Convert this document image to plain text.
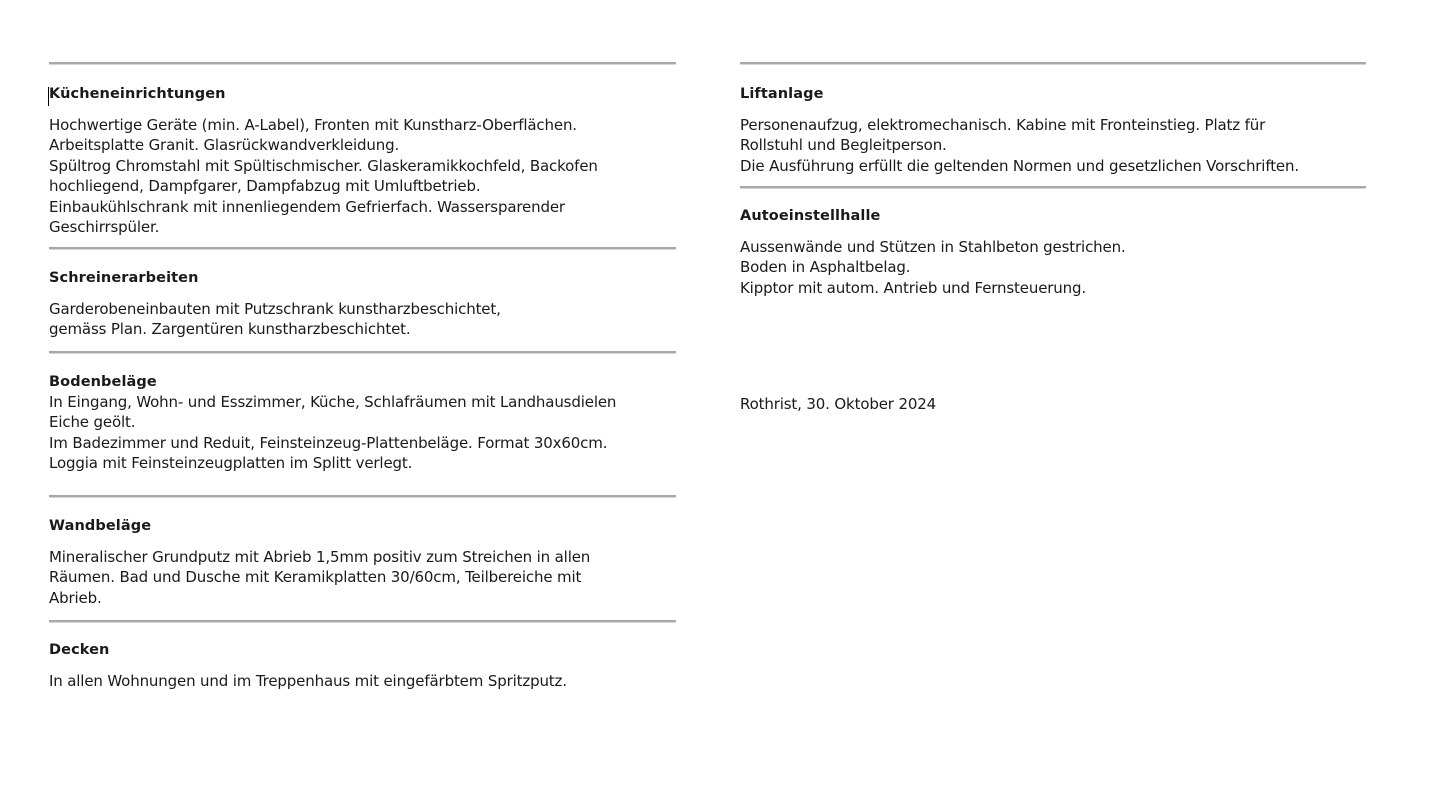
Kücheneinrichtungen
Hochwertige Geräte (min. A-Label), Fronten mit Kunstharz-Oberflächen.
Arbeitsplatte Granit. Glasrückwandverkleidung.
Spültrog Chromstahl mit Spültischmischer. Glaskeramikkochfeld, Backofen
hochliegend, Dampfgarer, Dampfabzug mit Umluftbetrieb.
Einbaukühlschrank mit innenliegendem Gefrierfach. Wassersparender
Geschirrspüler.
Schreinerarbeiten
Garderobeneinbauten mit Putzschrank kunstharzbeschichtet,
gemäss Plan. Zargentüren kunstharzbeschichtet.
Bodenbeläge
In Eingang, Wohn- und Esszimmer, Küche, Schlafräumen mit Landhausdielen
Eiche geölt.
Im Badezimmer und Reduit, Feinsteinzeug-Plattenbeläge. Format 30x60cm.
Loggia mit Feinsteinzeugplatten im Splitt verlegt.
Wandbeläge
Mineralischer Grundputz mit Abrieb 1,5mm positiv zum Streichen in allen
Räumen. Bad und Dusche mit Keramikplatten 30/60cm, Teilbereiche mit
Abrieb.
Decken
In allen Wohnungen und im Treppenhaus mit eingefärbtem Spritzputz.
Liftanlage
Personenaufzug, elektromechanisch. Kabine mit Fronteinstieg. Platz für
Rollstuhl und Begleitperson.
Die Ausführung erfüllt die geltenden Normen und gesetzlichen Vorschriften.
Autoeinstellhalle
Aussenwände und Stützen in Stahlbeton gestrichen.
Boden in Asphaltbelag.
Kipptor mit autom. Antrieb und Fernsteuerung.
Rothrist, 30. Oktober 2024
